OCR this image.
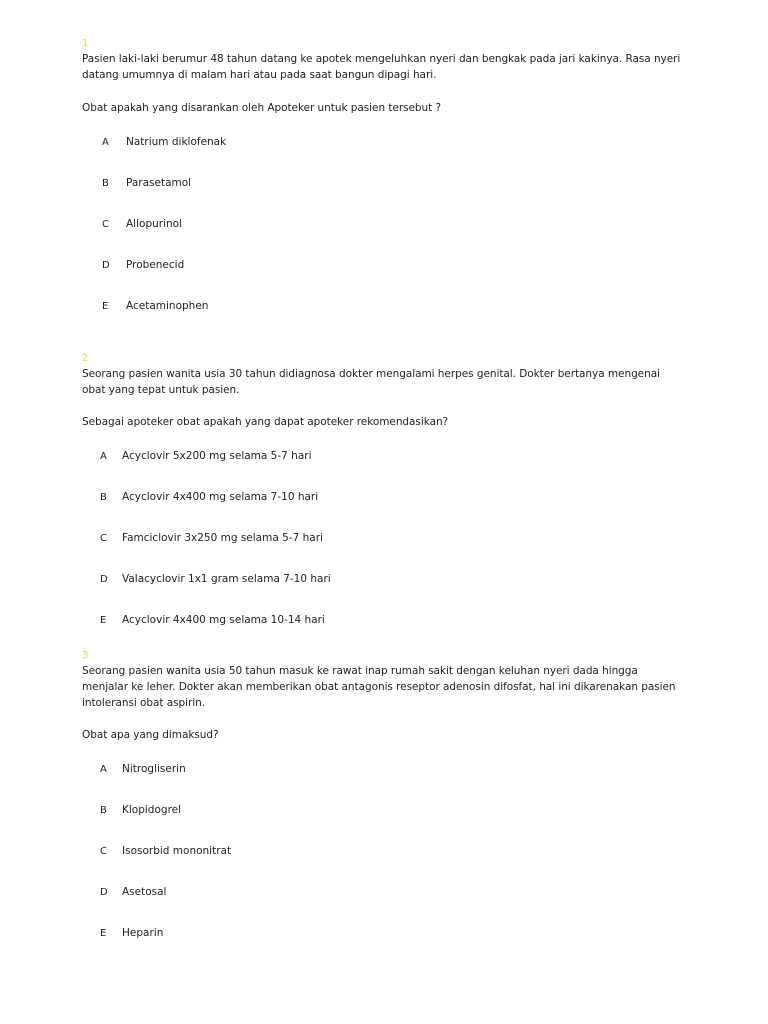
1

Pasien laki-laki berumur 48 tahun datang ke apotek mengeluhkan nyeri dan bengkak pada jari kakinya. Rasa nyeri datang umumnya di malam hari atau pada saat bangun dipagi hari.

Obat apakah yang disarankan oleh Apoteker untuk pasien tersebut ?

A	Natrium diklofenak
B	Parasetamol
C	Allopurinol
D	Probenecid
E	Acetaminophen
2

Seorang pasien wanita usia 30 tahun didiagnosa dokter mengalami herpes genital. Dokter bertanya mengenai obat yang tepat untuk pasien.

Sebagai apoteker obat apakah yang dapat apoteker rekomendasikan?

A	Acyclovir 5x200 mg selama 5-7 hari
B	Acyclovir 4x400 mg selama 7-10 hari
C	Famciclovir 3x250 mg selama 5-7 hari
D	Valacyclovir 1x1 gram selama 7-10 hari
E	Acyclovir 4x400 mg selama 10-14 hari
3

Seorang pasien wanita usia 50 tahun masuk ke rawat inap rumah sakit dengan keluhan nyeri dada hingga menjalar ke leher. Dokter akan memberikan obat antagonis reseptor adenosin difosfat, hal ini dikarenakan pasien intoleransi obat aspirin.

Obat apa yang dimaksud?

A	Nitrogliserin
B	Klopidogrel
C	Isosorbid mononitrat
D	Asetosal
E	Heparin
